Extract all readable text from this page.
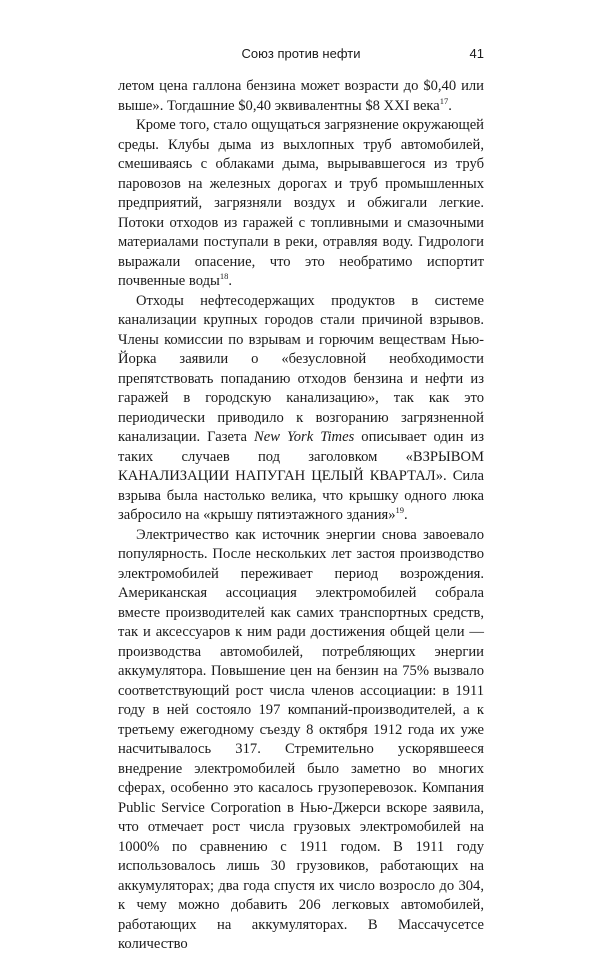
Союз против нефти	41

летом цена галлона бензина может возрасти до $0,40 или выше». Тогдашние $0,40 эквивалентны $8 XXI века$^{17}$.

Кроме того, стало ощущаться загрязнение окружающей среды. Клубы дыма из выхлопных труб автомобилей, смешиваясь с облаками дыма, вырывавшегося из труб паровозов на железных дорогах и труб промышленных предприятий, загрязняли воздух и обжигали легкие. Потоки отходов из гаражей с топливными и смазочными материалами поступали в реки, отравляя воду. Гидрологи выражали опасение, что это необратимо испортит почвенные воды$^{18}$.

Отходы нефтесодержащих продуктов в системе канализации крупных городов стали причиной взрывов. Члены комиссии по взрывам и горючим веществам Нью-Йорка заявили о «безусловной необходимости препятствовать попаданию отходов бензина и нефти из гаражей в городскую канализацию», так как это периодически приводило к возгоранию загрязненной канализации. Газета New York Times описывает один из таких случаев под заголовком «ВЗРЫВОМ КАНАЛИЗАЦИИ НАПУГАН ЦЕЛЫЙ КВАРТАЛ». Сила взрыва была настолько велика, что крышку одного люка забросило на «крышу пятиэтажного здания»$^{19}$.

Электричество как источник энергии снова завоевало популярность. После нескольких лет застоя производство электромобилей переживает период возрождения. Американская ассоциация электромобилей собрала вместе производителей как самих транспортных средств, так и аксессуаров к ним ради достижения общей цели — производства автомобилей, потребляющих энергии аккумулятора. Повышение цен на бензин на 75% вызвало соответствующий рост числа членов ассоциации: в 1911 году в ней состояло 197 компаний-производителей, а к третьему ежегодному съезду 8 октября 1912 года их уже насчитывалось 317. Стремительно ускорявшееся внедрение электромобилей было заметно во многих сферах, особенно это касалось грузоперевозок. Компания Public Service Corporation в Нью-Джерси вскоре заявила, что отмечает рост числа грузовых электромобилей на 1000% по сравнению с 1911 годом. В 1911 году использовалось лишь 30 грузовиков, работающих на аккумуляторах; два года спустя их число возросло до 304, к чему можно добавить 206 легковых автомобилей, работающих на аккумуляторах. В Массачусетсе количество
